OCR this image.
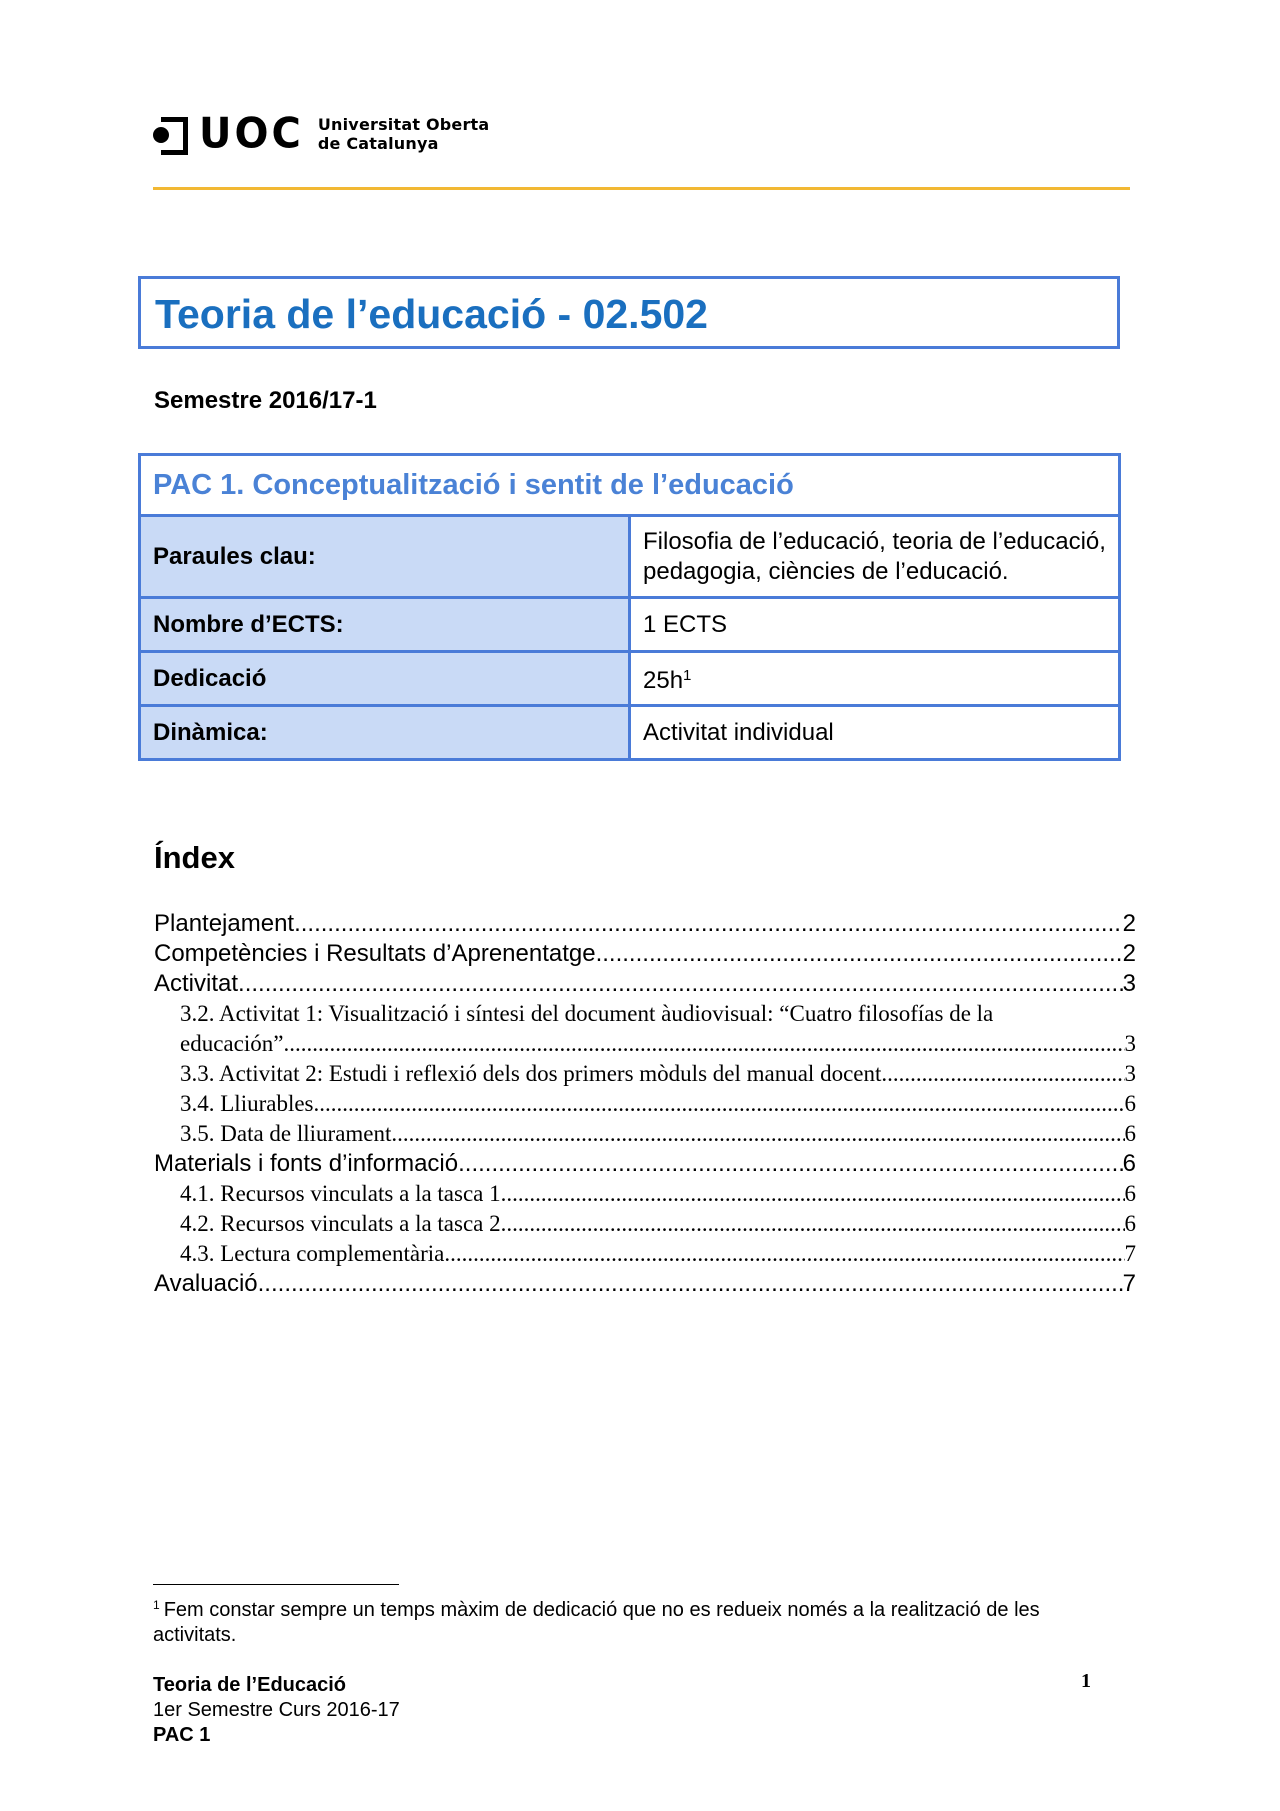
UOC Universitat Oberta
de Catalunya
Teoria de l’educació - 02.502
Semestre 2016/17-1
PAC 1. Conceptualització i sentit de l’educació	
Paraules clau:	Filosofia de l’educació, teoria de l’educació, pedagogia, ciències de l’educació.
Nombre d’ECTS:	1 ECTS
Dedicació	$25h^1$
Dinàmica:	Activitat individual
Índex
Plantejament .....	2
Competències i Resultats d’Aprenentatge .....	2
Activitat .....	3
3.2. Activitat 1: Visualització i síntesi del document àudiovisual: “Cuatro filosofías de la
educación” .....	3
3.3. Activitat 2: Estudi i reflexió dels dos primers mòduls del manual docent .....	3
3.4. Lliurables .....	6
3.5. Data de lliurament .....	6
Materials i fonts d’informació .....	6
4.1. Recursos vinculats a la tasca 1 .....	6
4.2. Recursos vinculats a la tasca 2 .....	6
4.3. Lectura complementària .....	7
Avaluació .....	7
$^1$ Fem constar sempre un temps màxim de dedicació que no es redueix només a la realització de les activitats.
Teoria de l’Educació
1er Semestre Curs 2016-17
PAC 1
1
